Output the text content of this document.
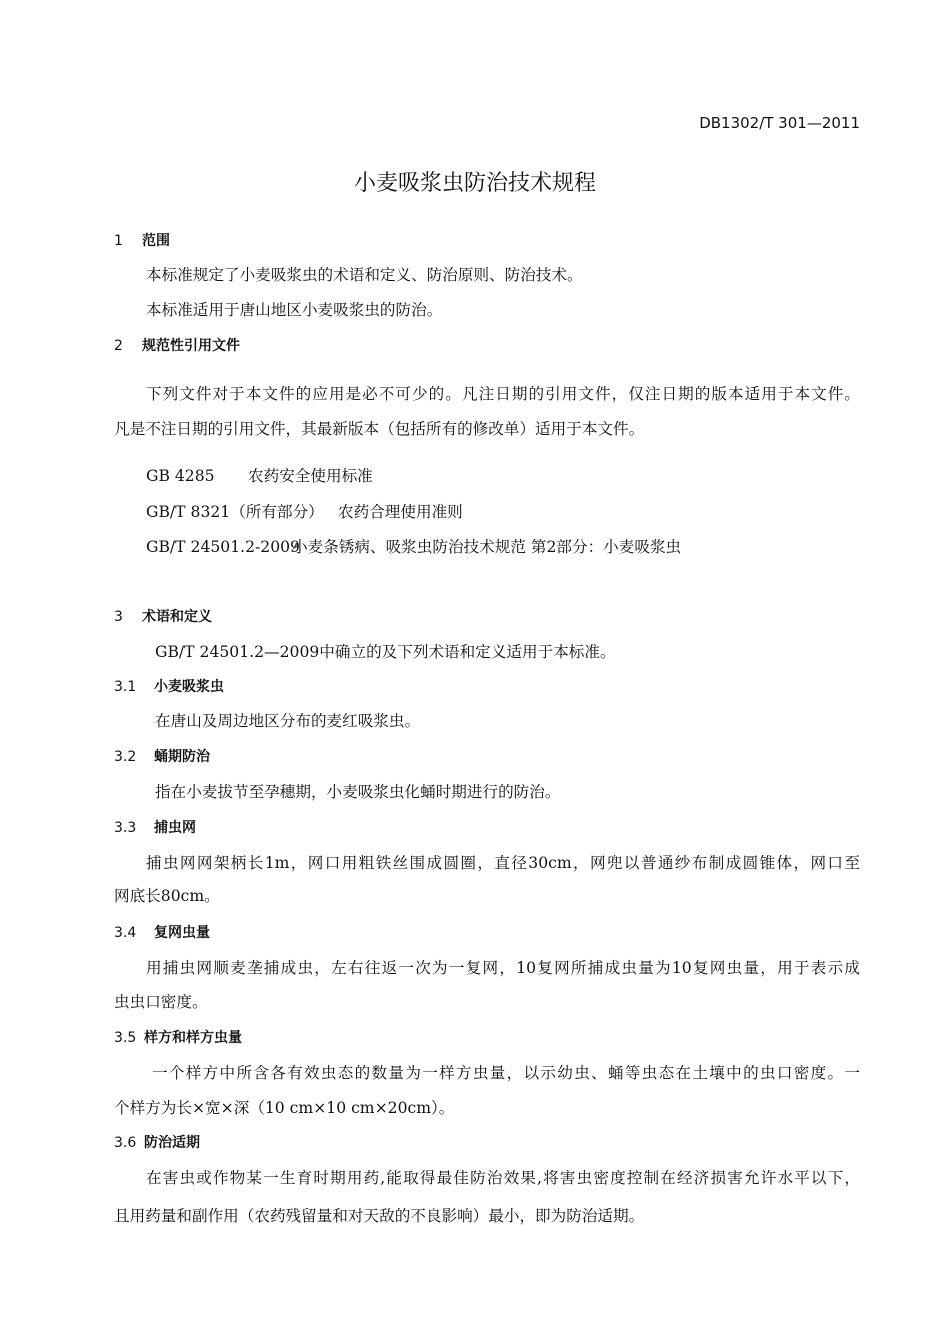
DB1302/T 301—2011
小麦吸浆虫防治技术规程
1 范围
本标准规定了小麦吸浆虫的术语和定义、防治原则、防治技术。
本标准适用于唐山地区小麦吸浆虫的防治。
2 规范性引用文件
下列文件对于本文件的应用是必不可少的。凡注日期的引用文件，仅注日期的版本适用于本文件。
凡是不注日期的引用文件，其最新版本（包括所有的修改单）适用于本文件。
GB 4285 农药安全使用标准
GB/T 8321（所有部分） 农药合理使用准则
GB/T 24501.2-2009小麦条锈病、吸浆虫防治技术规范 第2部分：小麦吸浆虫
3 术语和定义
GB/T 24501.2—2009中确立的及下列术语和定义适用于本标准。
3.1 小麦吸浆虫
在唐山及周边地区分布的麦红吸浆虫。
3.2 蛹期防治
指在小麦拔节至孕穗期，小麦吸浆虫化蛹时期进行的防治。
3.3 捕虫网
捕虫网网架柄长1m，网口用粗铁丝围成圆圈，直径30cm，网兜以普通纱布制成圆锥体，网口至
网底长80cm。
3.4 复网虫量
用捕虫网顺麦垄捕成虫，左右往返一次为一复网，10复网所捕成虫量为10复网虫量，用于表示成
虫虫口密度。
3.5 样方和样方虫量
一个样方中所含各有效虫态的数量为一样方虫量，以示幼虫、蛹等虫态在土壤中的虫口密度。一
个样方为长×宽×深（10 cm×10 cm×20cm）。
3.6 防治适期
在害虫或作物某一生育时期用药,能取得最佳防治效果,将害虫密度控制在经济损害允许水平以下，
且用药量和副作用（农药残留量和对天敌的不良影响）最小，即为防治适期。
